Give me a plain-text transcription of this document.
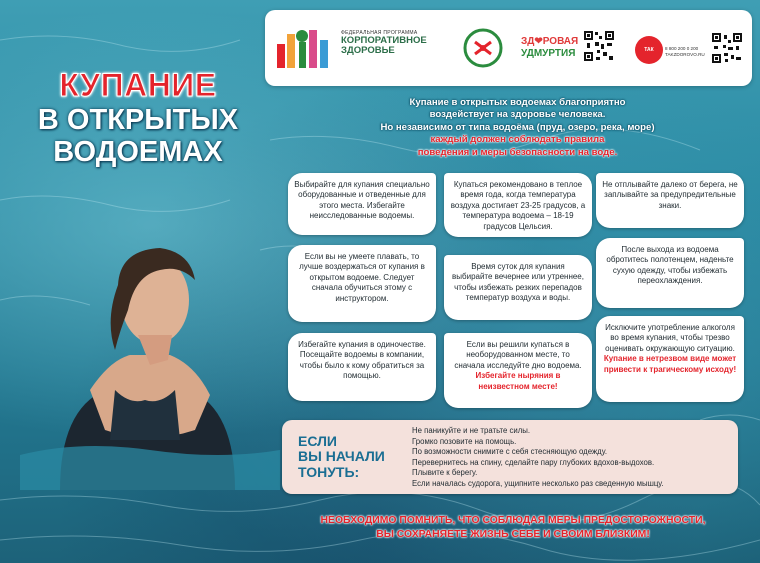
КУПАНИЕ
В ОТКРЫТЫХ
ВОДОЕМАХ
ФЕДЕРАЛЬНАЯ ПРОГРАММА
КОРПОРАТИВНОЕ
ЗДОРОВЬЕ
ЗД❤РОВАЯ
УДМУРТИЯ	ТАК здорово
8 800 200 0 200
TAKZDOROVO.RU
Купание в открытых водоемах благоприятно
воздействует на здоровье человека.
Но независимо от типа водоёма (пруд, озеро, река, море)
каждый должен соблюдать правила
поведения и меры безопасности на воде.
Выбирайте для купания специально оборудованные и отведенные для этого места. Избегайте неисследованные водоемы.
Купаться рекомендовано в теплое время года, когда температура воздуха достигает 23-25 градусов, а температура водоема – 18-19 градусов Цельсия.
Не отплывайте далеко от берега, не заплывайте за предупредительные знаки.
Если вы не умеете плавать, то лучше воздержаться от купания в открытом водоеме. Следует сначала обучиться этому с инструктором.
Время суток для купания выбирайте вечернее или утреннее, чтобы избежать резких перепадов температур воздуха и воды.
После выхода из водоема обротитесь полотенцем, наденьте сухую одежду, чтобы избежать переохлаждения.
Избегайте купания в одиночестве. Посещайте водоемы в компании, чтобы было к кому обратиться за помощью.
Если вы решили купаться в необорудованном месте, то сначала исследуйте дно водоема. Избегайте ныряния в неизвестном месте!
Исключите употребление алкоголя во время купания, чтобы трезво оценивать окружающую ситуацию. Купание в нетрезвом виде может привести к трагическому исходу!
ЕСЛИ
ВЫ НАЧАЛИ
ТОНУТЬ:
Не паникуйте и не тратьте силы.
Громко позовите на помощь.
По возможности снимите с себя стесняющую одежду.
Перевернитесь на спину, сделайте пару глубоких вдохов-выдохов.
Плывите к берегу.
Если началась судорога, ущипните несколько раз сведенную мышцу.
НЕОБХОДИМО ПОМНИТЬ, ЧТО СОБЛЮДАЯ МЕРЫ ПРЕДОСТОРОЖНОСТИ,
ВЫ СОХРАНЯЕТЕ ЖИЗНЬ СЕБЕ И СВОИМ БЛИЗКИМ!
